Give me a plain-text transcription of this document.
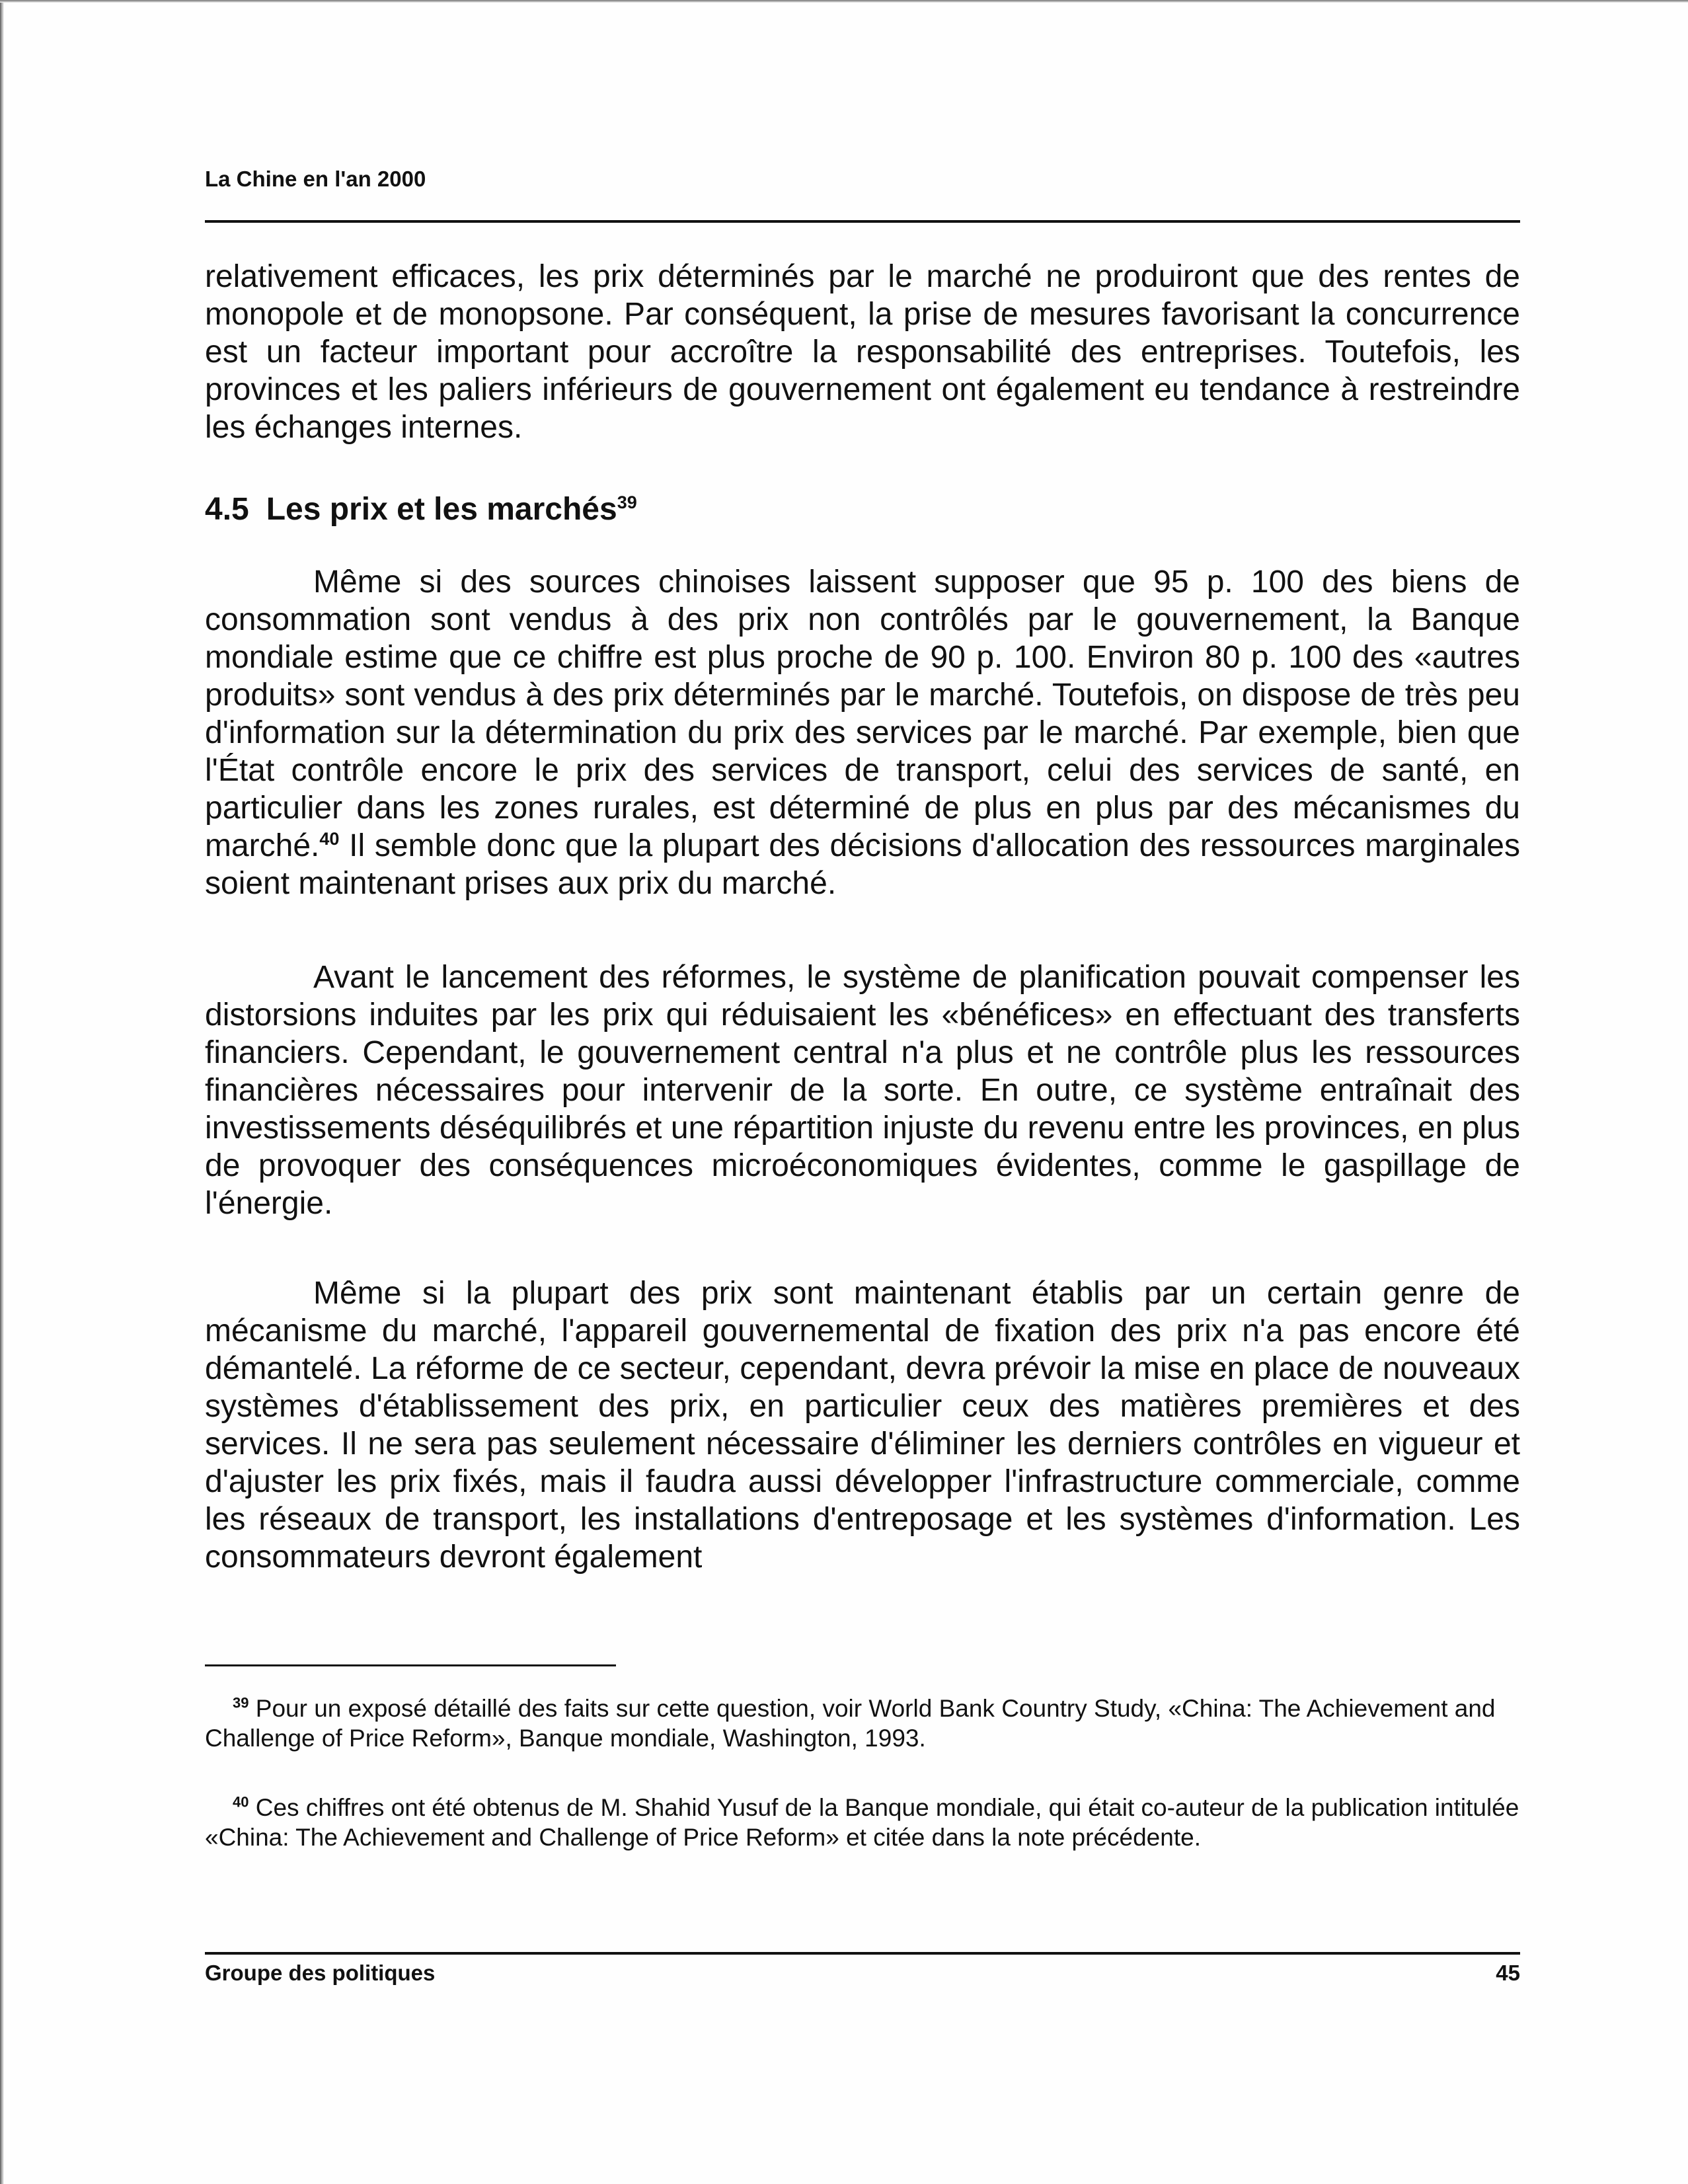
La Chine en l'an 2000

relativement efficaces, les prix déterminés par le marché ne produiront que des rentes de monopole et de monopsone. Par conséquent, la prise de mesures favorisant la concurrence est un facteur important pour accroître la responsabilité des entreprises. Toutefois, les provinces et les paliers inférieurs de gouvernement ont également eu tendance à restreindre les échanges internes.

4.5 Les prix et les marchés$^{39}$

Même si des sources chinoises laissent supposer que 95 p. 100 des biens de consommation sont vendus à des prix non contrôlés par le gouvernement, la Banque mondiale estime que ce chiffre est plus proche de 90 p. 100. Environ 80 p. 100 des «autres produits» sont vendus à des prix déterminés par le marché. Toutefois, on dispose de très peu d'information sur la détermination du prix des services par le marché. Par exemple, bien que l'État contrôle encore le prix des services de transport, celui des services de santé, en particulier dans les zones rurales, est déterminé de plus en plus par des mécanismes du marché.$^{40}$ Il semble donc que la plupart des décisions d'allocation des ressources marginales soient maintenant prises aux prix du marché.

Avant le lancement des réformes, le système de planification pouvait compenser les distorsions induites par les prix qui réduisaient les «bénéfices» en effectuant des transferts financiers. Cependant, le gouvernement central n'a plus et ne contrôle plus les ressources financières nécessaires pour intervenir de la sorte. En outre, ce système entraînait des investissements déséquilibrés et une répartition injuste du revenu entre les provinces, en plus de provoquer des conséquences microéconomiques évidentes, comme le gaspillage de l'énergie.

Même si la plupart des prix sont maintenant établis par un certain genre de mécanisme du marché, l'appareil gouvernemental de fixation des prix n'a pas encore été démantelé. La réforme de ce secteur, cependant, devra prévoir la mise en place de nouveaux systèmes d'établissement des prix, en particulier ceux des matières premières et des services. Il ne sera pas seulement nécessaire d'éliminer les derniers contrôles en vigueur et d'ajuster les prix fixés, mais il faudra aussi développer l'infrastructure commerciale, comme les réseaux de transport, les installations d'entreposage et les systèmes d'information. Les consommateurs devront également

$^{39}$ Pour un exposé détaillé des faits sur cette question, voir World Bank Country Study, «China: The Achievement and Challenge of Price Reform», Banque mondiale, Washington, 1993.

$^{40}$ Ces chiffres ont été obtenus de M. Shahid Yusuf de la Banque mondiale, qui était co-auteur de la publication intitulée «China: The Achievement and Challenge of Price Reform» et citée dans la note précédente.

Groupe des politiques	45
